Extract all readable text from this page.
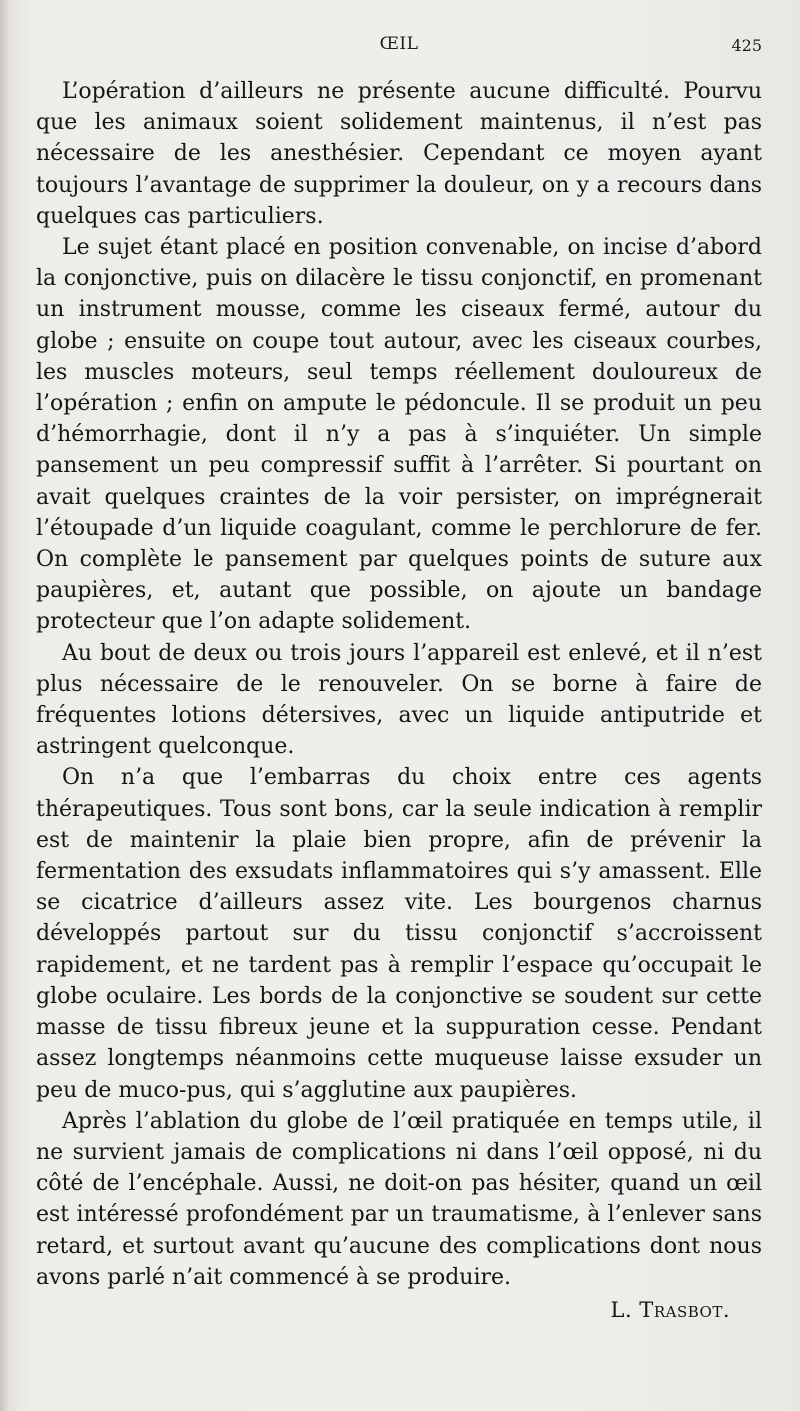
ŒIL	425

L’opération d’ailleurs ne présente aucune difficulté. Pourvu que les animaux soient solidement maintenus, il n’est pas nécessaire de les anesthésier. Cependant ce moyen ayant toujours l’avantage de supprimer la douleur, on y a recours dans quelques cas particuliers.

Le sujet étant placé en position convenable, on incise d’abord la conjonctive, puis on dilacère le tissu conjonctif, en promenant un instrument mousse, comme les ciseaux fermé, autour du globe ; ensuite on coupe tout autour, avec les ciseaux courbes, les muscles moteurs, seul temps réellement douloureux de l’opération ; enfin on ampute le pédoncule. Il se produit un peu d’hémorrhagie, dont il n’y a pas à s’inquiéter. Un simple pansement un peu compressif suffit à l’arrêter. Si pourtant on avait quelques craintes de la voir persister, on imprégnerait l’étoupade d’un liquide coagulant, comme le perchlorure de fer. On complète le pansement par quelques points de suture aux paupières, et, autant que possible, on ajoute un bandage protecteur que l’on adapte solidement.

Au bout de deux ou trois jours l’appareil est enlevé, et il n’est plus nécessaire de le renouveler. On se borne à faire de fréquentes lotions détersives, avec un liquide antiputride et astringent quelconque.

On n’a que l’embarras du choix entre ces agents thérapeutiques. Tous sont bons, car la seule indication à remplir est de maintenir la plaie bien propre, afin de prévenir la fermentation des exsudats inflammatoires qui s’y amassent. Elle se cicatrice d’ailleurs assez vite. Les bourgenos charnus développés partout sur du tissu conjonctif s’accroissent rapidement, et ne tardent pas à remplir l’espace qu’occupait le globe oculaire. Les bords de la conjonctive se soudent sur cette masse de tissu fibreux jeune et la suppuration cesse. Pendant assez longtemps néanmoins cette muqueuse laisse exsuder un peu de muco-pus, qui s’agglutine aux paupières.

Après l’ablation du globe de l’œil pratiquée en temps utile, il ne survient jamais de complications ni dans l’œil opposé, ni du côté de l’encéphale. Aussi, ne doit-on pas hésiter, quand un œil est intéressé profondément par un traumatisme, à l’enlever sans retard, et surtout avant qu’aucune des complications dont nous avons parlé n’ait commencé à se produire.

L. Trasbot.
